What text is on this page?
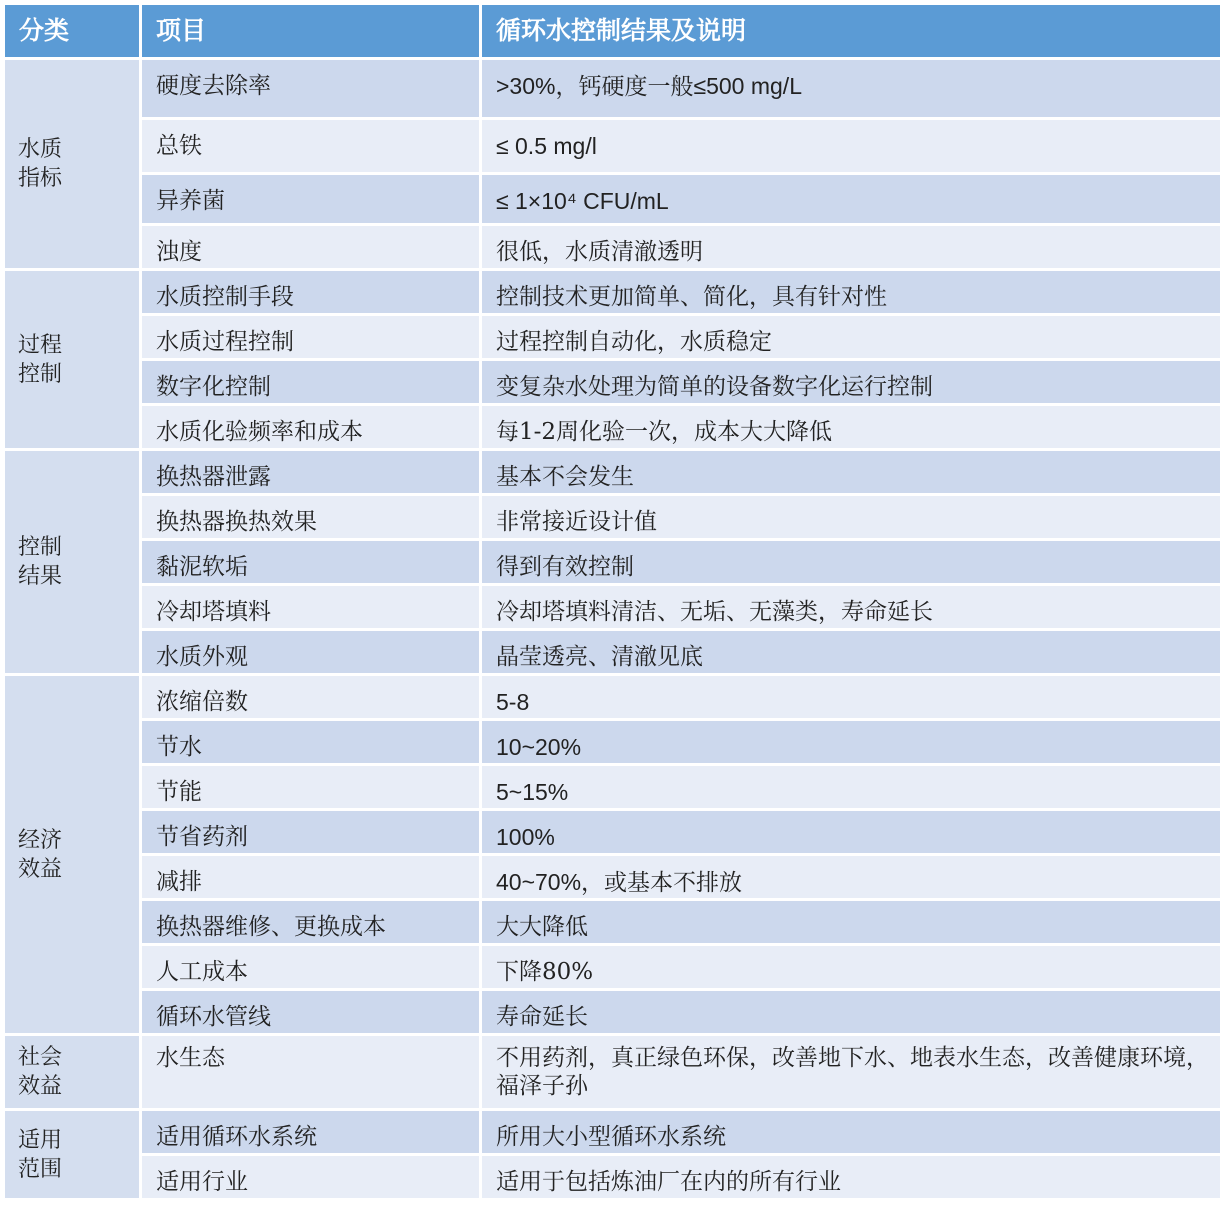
分类	项目	循环水控制结果及说明

水质
指标	硬度去除率	>30%，钙硬度一般≤500 mg/L
	总铁	≤ 0.5 mg/l
	异养菌	≤ 1×10⁴ CFU/mL
	浊度	很低，水质清澈透明

过程
控制	水质控制手段	控制技术更加简单、简化，具有针对性
	水质过程控制	过程控制自动化，水质稳定
	数字化控制	变复杂水处理为简单的设备数字化运行控制
	水质化验频率和成本	每1-2周化验一次，成本大大降低

控制
结果	换热器泄露	基本不会发生
	换热器换热效果	非常接近设计值
	黏泥软垢	得到有效控制
	冷却塔填料	冷却塔填料清洁、无垢、无藻类，寿命延长
	水质外观	晶莹透亮、清澈见底

经济
效益	浓缩倍数	5-8
	节水	10~20%
	节能	5~15%
	节省药剂	100%
	减排	40~70%，或基本不排放
	换热器维修、更换成本	大大降低
	人工成本	下降80%
	循环水管线	寿命延长

社会
效益	水生态	不用药剂，真正绿色环保，改善地下水、地表水生态，改善健康环境，福泽子孙

适用
范围	适用循环水系统	所用大小型循环水系统
	适用行业	适用于包括炼油厂在内的所有行业
